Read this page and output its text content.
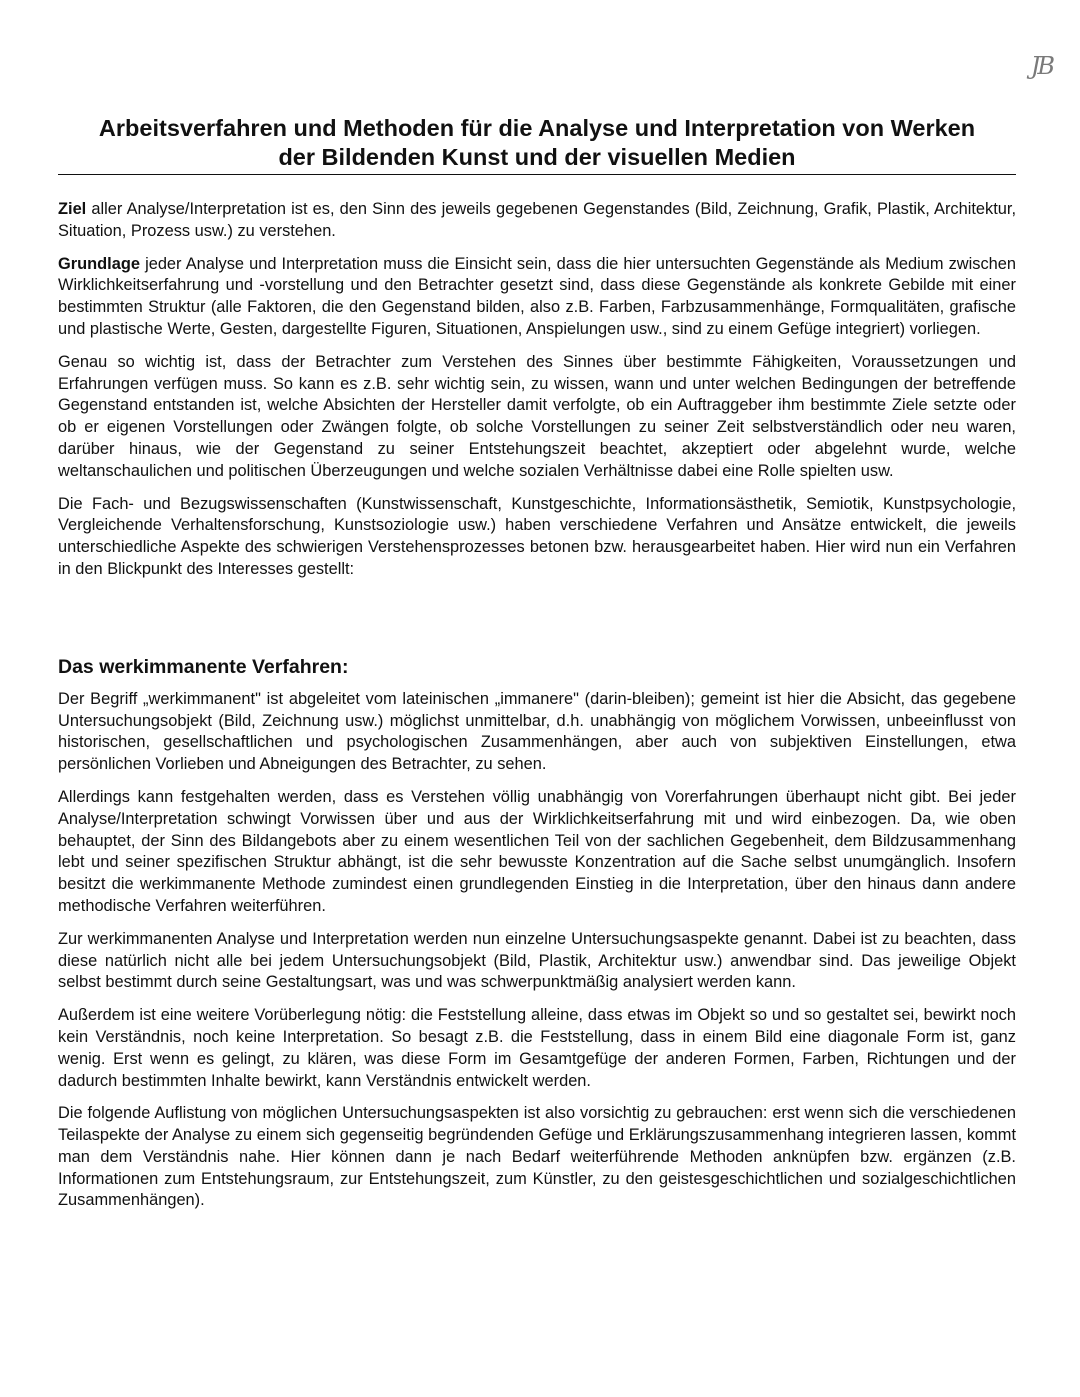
JB
Arbeitsverfahren und Methoden für die Analyse und Interpretation von Werken
der Bildenden Kunst und der visuellen Medien

Ziel aller Analyse/Interpretation ist es, den Sinn des jeweils gegebenen Gegenstandes (Bild, Zeichnung, Grafik, Plastik, Architektur, Situation, Prozess usw.) zu verstehen.

Grundlage jeder Analyse und Interpretation muss die Einsicht sein, dass die hier untersuchten Gegenstände als Medium zwischen Wirklichkeitserfahrung und -vorstellung und den Betrachter gesetzt sind, dass diese Gegenstände als konkrete Gebilde mit einer bestimmten Struktur (alle Faktoren, die den Gegenstand bilden, also z.B. Farben, Farbzusammenhänge, Formqualitäten, grafische und plastische Werte, Gesten, dargestellte Figuren, Situationen, Anspielungen usw., sind zu einem Gefüge integriert) vorliegen.

Genau so wichtig ist, dass der Betrachter zum Verstehen des Sinnes über bestimmte Fähigkeiten, Voraussetzungen und Erfahrungen verfügen muss. So kann es z.B. sehr wichtig sein, zu wissen, wann und unter welchen Bedingungen der betreffende Gegenstand entstanden ist, welche Absichten der Hersteller damit verfolgte, ob ein Auftraggeber ihm bestimmte Ziele setzte oder ob er eigenen Vorstellungen oder Zwängen folgte, ob solche Vorstellungen zu seiner Zeit selbstverständlich oder neu waren, darüber hinaus, wie der Gegenstand zu seiner Entstehungszeit beachtet, akzeptiert oder abgelehnt wurde, welche weltanschaulichen und politischen Überzeugungen und welche sozialen Verhältnisse dabei eine Rolle spielten usw.

Die Fach- und Bezugswissenschaften (Kunstwissenschaft, Kunstgeschichte, Informationsästhetik, Semiotik, Kunstpsychologie, Vergleichende Verhaltensforschung, Kunstsoziologie usw.) haben verschiedene Verfahren und Ansätze entwickelt, die jeweils unterschiedliche Aspekte des schwierigen Verstehensprozesses betonen bzw. herausgearbeitet haben. Hier wird nun ein Verfahren in den Blickpunkt des Interesses gestellt:

Das werkimmanente Verfahren:

Der Begriff „werkimmanent" ist abgeleitet vom lateinischen „immanere" (darin-bleiben); gemeint ist hier die Absicht, das gegebene Untersuchungsobjekt (Bild, Zeichnung usw.) möglichst unmittelbar, d.h. unabhängig von möglichem Vorwissen, unbeeinflusst von historischen, gesellschaftlichen und psychologischen Zusammenhängen, aber auch von subjektiven Einstellungen, etwa persönlichen Vorlieben und Abneigungen des Betrachter, zu sehen.

Allerdings kann festgehalten werden, dass es Verstehen völlig unabhängig von Vorerfahrungen überhaupt nicht gibt. Bei jeder Analyse/Interpretation schwingt Vorwissen über und aus der Wirklichkeitserfahrung mit und wird einbezogen. Da, wie oben behauptet, der Sinn des Bildangebots aber zu einem wesentlichen Teil von der sachlichen Gegebenheit, dem Bildzusammenhang lebt und seiner spezifischen Struktur abhängt, ist die sehr bewusste Konzentration auf die Sache selbst unumgänglich. Insofern besitzt die werkimmanente Methode zumindest einen grundlegenden Einstieg in die Interpretation, über den hinaus dann andere methodische Verfahren weiterführen.

Zur werkimmanenten Analyse und Interpretation werden nun einzelne Untersuchungsaspekte genannt. Dabei ist zu beachten, dass diese natürlich nicht alle bei jedem Untersuchungsobjekt (Bild, Plastik, Architektur usw.) anwendbar sind. Das jeweilige Objekt selbst bestimmt durch seine Gestaltungsart, was und was schwerpunktmäßig analysiert werden kann.

Außerdem ist eine weitere Vorüberlegung nötig: die Feststellung alleine, dass etwas im Objekt so und so gestaltet sei, bewirkt noch kein Verständnis, noch keine Interpretation. So besagt z.B. die Feststellung, dass in einem Bild eine diagonale Form ist, ganz wenig. Erst wenn es gelingt, zu klären, was diese Form im Gesamtgefüge der anderen Formen, Farben, Richtungen und der dadurch bestimmten Inhalte bewirkt, kann Verständnis entwickelt werden.

Die folgende Auflistung von möglichen Untersuchungsaspekten ist also vorsichtig zu gebrauchen: erst wenn sich die verschiedenen Teilaspekte der Analyse zu einem sich gegenseitig begründenden Gefüge und Erklärungszusammenhang integrieren lassen, kommt man dem Verständnis nahe. Hier können dann je nach Bedarf weiterführende Methoden anknüpfen bzw. ergänzen (z.B. Informationen zum Entstehungsraum, zur Entstehungszeit, zum Künstler, zu den geistesgeschichtlichen und sozialgeschichtlichen Zusammenhängen).
